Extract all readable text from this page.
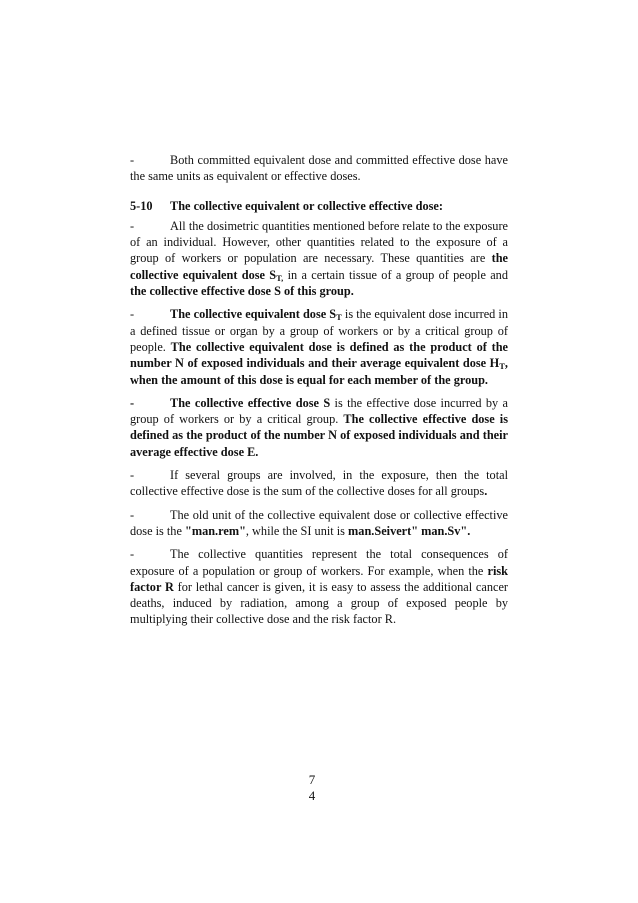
-	Both committed equivalent dose and committed effective dose have the same units as equivalent or effective doses.

5-10 The collective equivalent or collective effective dose:

-	All the dosimetric quantities mentioned before relate to the exposure of an individual. However, other quantities related to the exposure of a group of workers or population are necessary. These quantities are the collective equivalent dose $S_{T,}$ in a certain tissue of a group of people and the collective effective dose S of this group.

-	The collective equivalent dose $S_T$ is the equivalent dose incurred in a defined tissue or organ by a group of workers or by a critical group of people. The collective equivalent dose is defined as the product of the number N of exposed individuals and their average equivalent dose $H_T$, when the amount of this dose is equal for each member of the group.

-	The collective effective dose S is the effective dose incurred by a group of workers or by a critical group. The collective effective dose is defined as the product of the number N of exposed individuals and their average effective dose E.

-	If several groups are involved, in the exposure, then the total collective effective dose is the sum of the collective doses for all groups.

-	The old unit of the collective equivalent dose or collective effective dose is the "man.rem", while the SI unit is man.Seivert" man.Sv".

-	The collective quantities represent the total consequences of exposure of a population or group of workers. For example, when the risk factor R for lethal cancer is given, it is easy to assess the additional cancer deaths, induced by radiation, among a group of exposed people by multiplying their collective dose and the risk factor R.

7
4
